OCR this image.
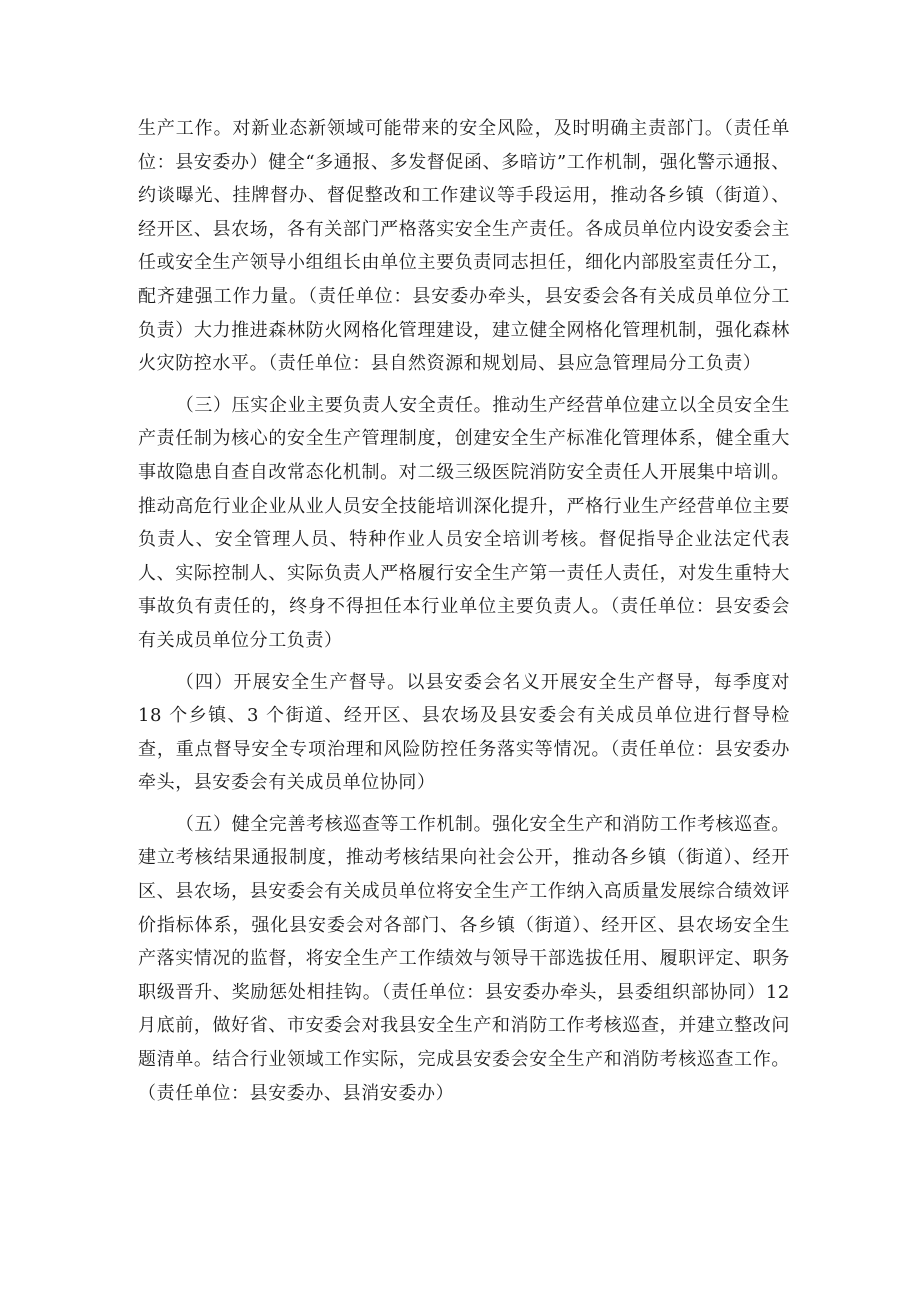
生产工作。对新业态新领域可能带来的安全风险，及时明确主责部门。（责任单位：县安委办）健全“多通报、多发督促函、多暗访”工作机制，强化警示通报、约谈曝光、挂牌督办、督促整改和工作建议等手段运用，推动各乡镇（街道）、经开区、县农场，各有关部门严格落实安全生产责任。各成员单位内设安委会主任或安全生产领导小组组长由单位主要负责同志担任，细化内部股室责任分工，配齐建强工作力量。（责任单位：县安委办牵头，县安委会各有关成员单位分工负责）大力推进森林防火网格化管理建设，建立健全网格化管理机制，强化森林火灾防控水平。（责任单位：县自然资源和规划局、县应急管理局分工负责）

（三）压实企业主要负责人安全责任。推动生产经营单位建立以全员安全生产责任制为核心的安全生产管理制度，创建安全生产标准化管理体系，健全重大事故隐患自查自改常态化机制。对二级三级医院消防安全责任人开展集中培训。推动高危行业企业从业人员安全技能培训深化提升，严格行业生产经营单位主要负责人、安全管理人员、特种作业人员安全培训考核。督促指导企业法定代表人、实际控制人、实际负责人严格履行安全生产第一责任人责任，对发生重特大事故负有责任的，终身不得担任本行业单位主要负责人。（责任单位：县安委会有关成员单位分工负责）

（四）开展安全生产督导。以县安委会名义开展安全生产督导，每季度对 18 个乡镇、3 个街道、经开区、县农场及县安委会有关成员单位进行督导检查，重点督导安全专项治理和风险防控任务落实等情况。（责任单位：县安委办牵头，县安委会有关成员单位协同）

（五）健全完善考核巡查等工作机制。强化安全生产和消防工作考核巡查。建立考核结果通报制度，推动考核结果向社会公开，推动各乡镇（街道）、经开区、县农场，县安委会有关成员单位将安全生产工作纳入高质量发展综合绩效评价指标体系，强化县安委会对各部门、各乡镇（街道）、经开区、县农场安全生产落实情况的监督，将安全生产工作绩效与领导干部选拔任用、履职评定、职务职级晋升、奖励惩处相挂钩。（责任单位：县安委办牵头，县委组织部协同）12 月底前，做好省、市安委会对我县安全生产和消防工作考核巡查，并建立整改问题清单。结合行业领域工作实际，完成县安委会安全生产和消防考核巡查工作。（责任单位：县安委办、县消安委办）
